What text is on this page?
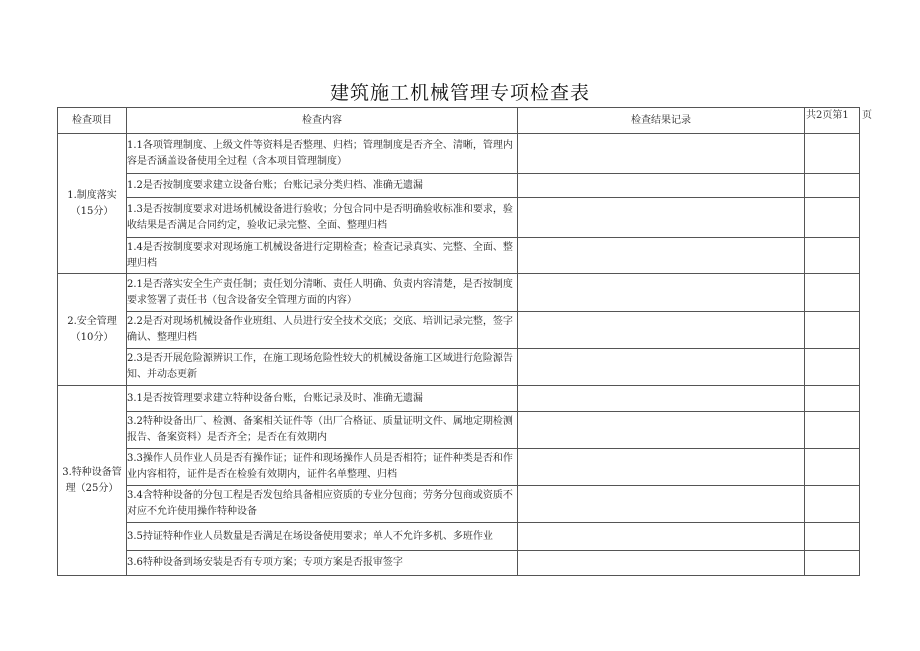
建筑施工机械管理专项检查表
共2页第1 页
检查项目	检查内容	检查结果记录	
1.制度落实（15分）	1.1各项管理制度、上级文件等资料是否整理、归档；管理制度是否齐全、清晰，管理内容是否涵盖设备使用全过程（含本项目管理制度）		
	1.2是否按制度要求建立设备台账；台账记录分类归档、准确无遗漏		
	1.3是否按制度要求对进场机械设备进行验收；分包合同中是否明确验收标准和要求，验收结果是否满足合同约定，验收记录完整、全面、整理归档		
	1.4是否按制度要求对现场施工机械设备进行定期检查；检查记录真实、完整、全面、整理归档		
2.安全管理（10分）	2.1是否落实安全生产责任制；责任划分清晰、责任人明确、负责内容清楚，是否按制度要求签署了责任书（包含设备安全管理方面的内容）		
	2.2是否对现场机械设备作业班组、人员进行安全技术交底；交底、培训记录完整，签字确认、整理归档		
	2.3是否开展危险源辨识工作，在施工现场危险性较大的机械设备施工区域进行危险源告知、并动态更新		
3.特种设备管理（25分）	3.1是否按管理要求建立特种设备台账，台账记录及时、准确无遗漏		
	3.2特种设备出厂、检测、备案相关证件等（出厂合格证、质量证明文件、属地定期检测报告、备案资料）是否齐全；是否在有效期内		
	3.3操作人员作业人员是否有操作证；证件和现场操作人员是否相符；证件种类是否和作业内容相符，证件是否在检验有效期内，证件名单整理、归档		
	3.4含特种设备的分包工程是否发包给具备相应资质的专业分包商；劳务分包商或资质不对应不允许使用操作特种设备		
	3.5持证特种作业人员数量是否满足在场设备使用要求；单人不允许多机、多班作业		
	3.6特种设备到场安装是否有专项方案；专项方案是否报审签字		
